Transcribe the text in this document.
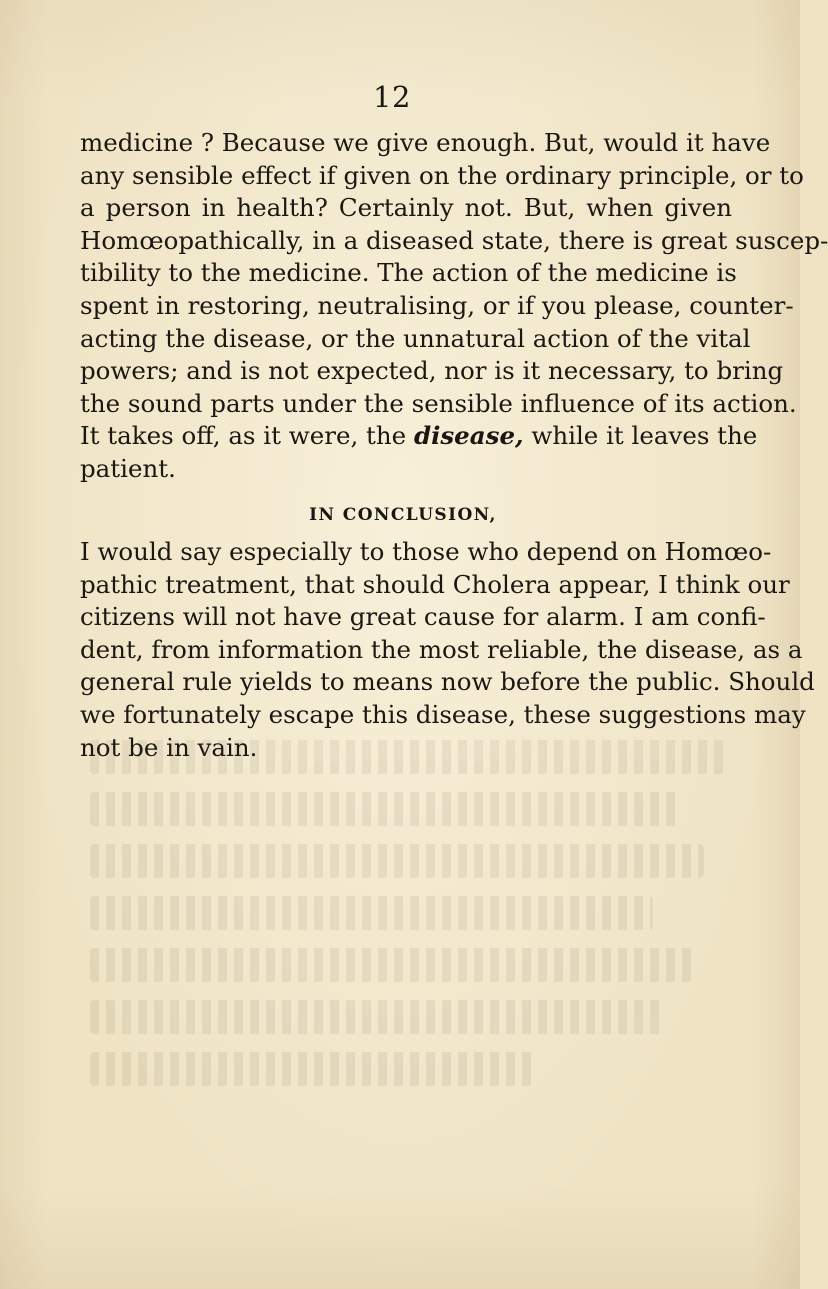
12
medicine ? Because we give enough. But, would it have
any sensible effect if given on the ordinary principle, or to
a person in health? Certainly not. But, when given
Homœopathically, in a diseased state, there is great suscep-
tibility to the medicine. The action of the medicine is
spent in restoring, neutralising, or if you please, counter-
acting the disease, or the unnatural action of the vital
powers; and is not expected, nor is it necessary, to bring
the sound parts under the sensible influence of its action.
It takes off, as it were, the disease, while it leaves the
patient.
IN CONCLUSION,
I would say especially to those who depend on Homœo-
pathic treatment, that should Cholera appear, I think our
citizens will not have great cause for alarm. I am confi-
dent, from information the most reliable, the disease, as a
general rule yields to means now before the public. Should
we fortunately escape this disease, these suggestions may
not be in vain.
